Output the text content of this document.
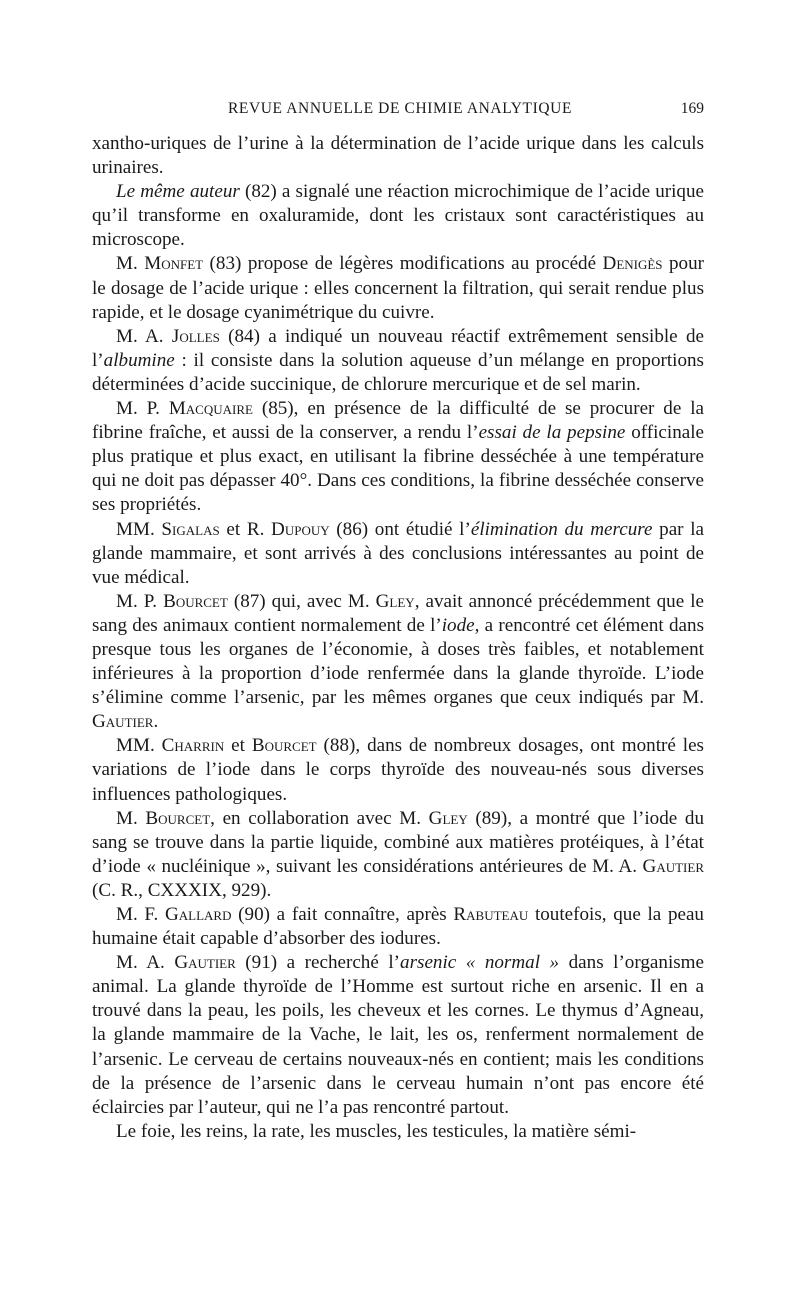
REVUE ANNUELLE DE CHIMIE ANALYTIQUE	169

xantho-uriques de l’urine à la détermination de l’acide urique dans les calculs urinaires.

Le même auteur (82) a signalé une réaction microchimique de l’acide urique qu’il transforme en oxaluramide, dont les cristaux sont caractéristiques au microscope.

M. Monfet (83) propose de légères modifications au procédé Denigès pour le dosage de l’acide urique : elles concernent la filtration, qui serait rendue plus rapide, et le dosage cyanimétrique du cuivre.

M. A. Jolles (84) a indiqué un nouveau réactif extrêmement sensible de l’albumine : il consiste dans la solution aqueuse d’un mélange en proportions déterminées d’acide succinique, de chlorure mercurique et de sel marin.

M. P. Macquaire (85), en présence de la difficulté de se procurer de la fibrine fraîche, et aussi de la conserver, a rendu l’essai de la pepsine officinale plus pratique et plus exact, en utilisant la fibrine desséchée à une température qui ne doit pas dépasser 40°. Dans ces conditions, la fibrine desséchée conserve ses propriétés.

MM. Sigalas et R. Dupouy (86) ont étudié l’élimination du mercure par la glande mammaire, et sont arrivés à des conclusions intéressantes au point de vue médical.

M. P. Bourcet (87) qui, avec M. Gley, avait annoncé précédemment que le sang des animaux contient normalement de l’iode, a rencontré cet élément dans presque tous les organes de l’économie, à doses très faibles, et notablement inférieures à la proportion d’iode renfermée dans la glande thyroïde. L’iode s’élimine comme l’arsenic, par les mêmes organes que ceux indiqués par M. Gautier.

MM. Charrin et Bourcet (88), dans de nombreux dosages, ont montré les variations de l’iode dans le corps thyroïde des nouveau-nés sous diverses influences pathologiques.

M. Bourcet, en collaboration avec M. Gley (89), a montré que l’iode du sang se trouve dans la partie liquide, combiné aux matières protéiques, à l’état d’iode « nucléinique », suivant les considérations antérieures de M. A. Gautier (C. R., CXXXIX, 929).

M. F. Gallard (90) a fait connaître, après Rabuteau toutefois, que la peau humaine était capable d’absorber des iodures.

M. A. Gautier (91) a recherché l’arsenic « normal » dans l’organisme animal. La glande thyroïde de l’Homme est surtout riche en arsenic. Il en a trouvé dans la peau, les poils, les cheveux et les cornes. Le thymus d’Agneau, la glande mammaire de la Vache, le lait, les os, renferment normalement de l’arsenic. Le cerveau de certains nouveaux-nés en contient; mais les conditions de la présence de l’arsenic dans le cerveau humain n’ont pas encore été éclaircies par l’auteur, qui ne l’a pas rencontré partout.

Le foie, les reins, la rate, les muscles, les testicules, la matière sémi-
